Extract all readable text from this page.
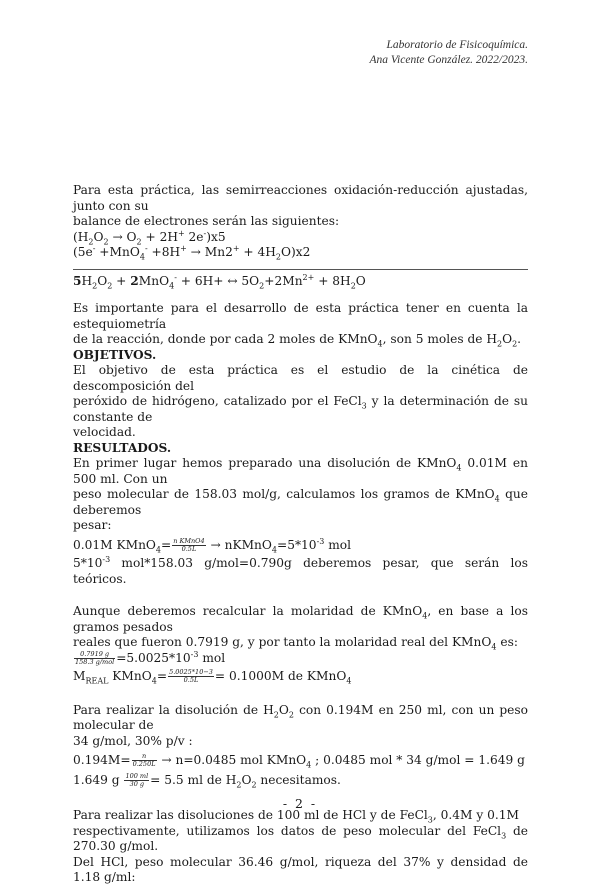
Laboratorio de Fisicoquímica.
Ana Vicente González. 2022/2023.

Para esta práctica, las semirreacciones oxidación-reducción ajustadas, junto con su
balance de electrones serán las siguientes:

($H_2O_2 \to O_2 + 2H^+$ 2e-)x5

$(5e^- +MnO_4^- +8H^+ \to Mn2^+ + 4H_2O)x2$

$5H_2O_2 + 2MnO_4^- + 6H+$ ↔ $5O_2+2Mn^{2+} + 8H_2O$

Es importante para el desarrollo de esta práctica tener en cuenta la estequiometría
de la reacción, donde por cada 2 moles de KMnO$_4$, son 5 moles de $H_2O_2$.

OBJETIVOS.

El objetivo de esta práctica es el estudio de la cinética de descomposición del
peróxido de hidrógeno, catalizado por el FeCl$_3$ y la determinación de su constante de
velocidad.

RESULTADOS.

En primer lugar hemos preparado una disolución de KMnO$_4$ 0.01M en 500 ml. Con un
peso molecular de 158.03 mol/g, calculamos los gramos de KMnO$_4$ que deberemos
pesar:

0.01M KMnO$_4$= $\frac{\text{n KMnO4}}{0.5L}$ → $nKMnO_4=5*10^{-3}$ mol

$5*10^{-3}$ mol*158.03 g/mol=0.790g deberemos pesar, que serán los teóricos.

Aunque deberemos recalcular la molaridad de KMnO$_4$, en base a los gramos pesados
reales que fueron 0.7919 g, y por tanto la molaridad real del KMnO$_4$ es:

$\frac{0.7919 g}{\text{158.3 g/mol}} =5.0025*10^{-3}$ mol

$M_{REAL}$ KMnO$_4$= $\frac{5.0025*10-3}{0.5L} = 0.1000M$ de KMnO$_4$

Para realizar la disolución de $H_2O_2$ con 0.194M en 250 ml, con un peso molecular de
34 g/mol, 30% p/v :

$0.194M= \frac{n}{0.250L} \to n=0.0485$ mol KMnO$_4$ ; 0.0485 mol * 34 g/mol = 1.649 g

1.649 g $\frac{100 ml}{30 g} = 5.5$ ml de $H_2O_2$ necesitamos.

Para realizar las disoluciones de 100 ml de HCl y de FeCl$_3$, 0.4M y 0.1M
respectivamente, utilizamos los datos de peso molecular del FeCl$_3$ de 270.30 g/mol.
Del HCl, peso molecular 36.46 g/mol, riqueza del 37% y densidad de 1.18 g/ml:

- 2 -
